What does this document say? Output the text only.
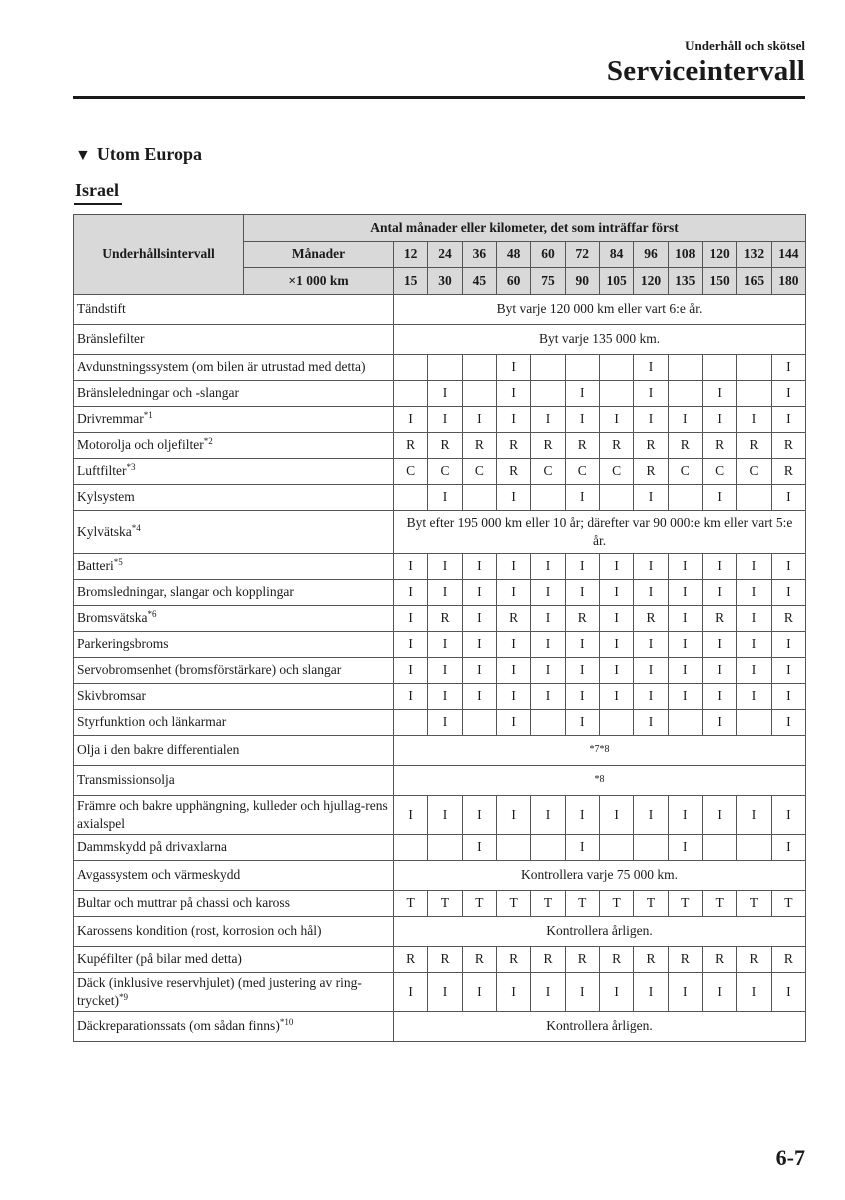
Underhåll och skötsel
Serviceintervall
▼ Utom Europa
Israel
Underhållsintervall	Antal månader eller kilometer, det som inträffar först												
	Månader	12	24	36	48	60	72	84	96	108	120	132	144
	×1 000 km	15	30	45	60	75	90	105	120	135	150	165	180
Tändstift		Byt varje 120 000 km eller vart 6:e år.											
Bränslefilter		Byt varje 135 000 km.											
Avdunstningssystem (om bilen är utrustad med detta)					I				I				I
Bränsleledningar och -slangar			I		I		I		I		I		I
Drivremmar$^{*1}$		I	I	I	I	I	I	I	I	I	I	I	I
Motorolja och oljefilter$^{*2}$		R	R	R	R	R	R	R	R	R	R	R	R
Luftfilter$^{*3}$		C	C	C	R	C	C	C	R	C	C	C	R
Kylsystem			I		I		I		I		I		I
Kylvätska$^{*4}$		Byt efter 195 000 km eller 10 år; därefter var 90 000:e km eller vart 5:e år.											
Batteri$^{*5}$		I	I	I	I	I	I	I	I	I	I	I	I
Bromsledningar, slangar och kopplingar		I	I	I	I	I	I	I	I	I	I	I	I
Bromsvätska$^{*6}$		I	R	I	R	I	R	I	R	I	R	I	R
Parkeringsbroms		I	I	I	I	I	I	I	I	I	I	I	I
Servobromsenhet (bromsförstärkare) och slangar		I	I	I	I	I	I	I	I	I	I	I	I
Skivbromsar		I	I	I	I	I	I	I	I	I	I	I	I
Styrfunktion och länkarmar			I		I		I		I		I		I
Olja i den bakre differentialen		*7*8											
Transmissionsolja		*8											
Främre och bakre upphängning, kulleder och hjullag-rens axialspel		I	I	I	I	I	I	I	I	I	I	I	I
Dammskydd på drivaxlarna				I			I			I			I
Avgassystem och värmeskydd		Kontrollera varje 75 000 km.											
Bultar och muttrar på chassi och kaross		T	T	T	T	T	T	T	T	T	T	T	T
Karossens kondition (rost, korrosion och hål)		Kontrollera årligen.											
Kupéfilter (på bilar med detta)		R	R	R	R	R	R	R	R	R	R	R	R
Däck (inklusive reservhjulet) (med justering av ring-trycket)$^{*9}$		I	I	I	I	I	I	I	I	I	I	I	I
Däckreparationssats (om sådan finns)$^{*10}$		Kontrollera årligen.											
6-7
